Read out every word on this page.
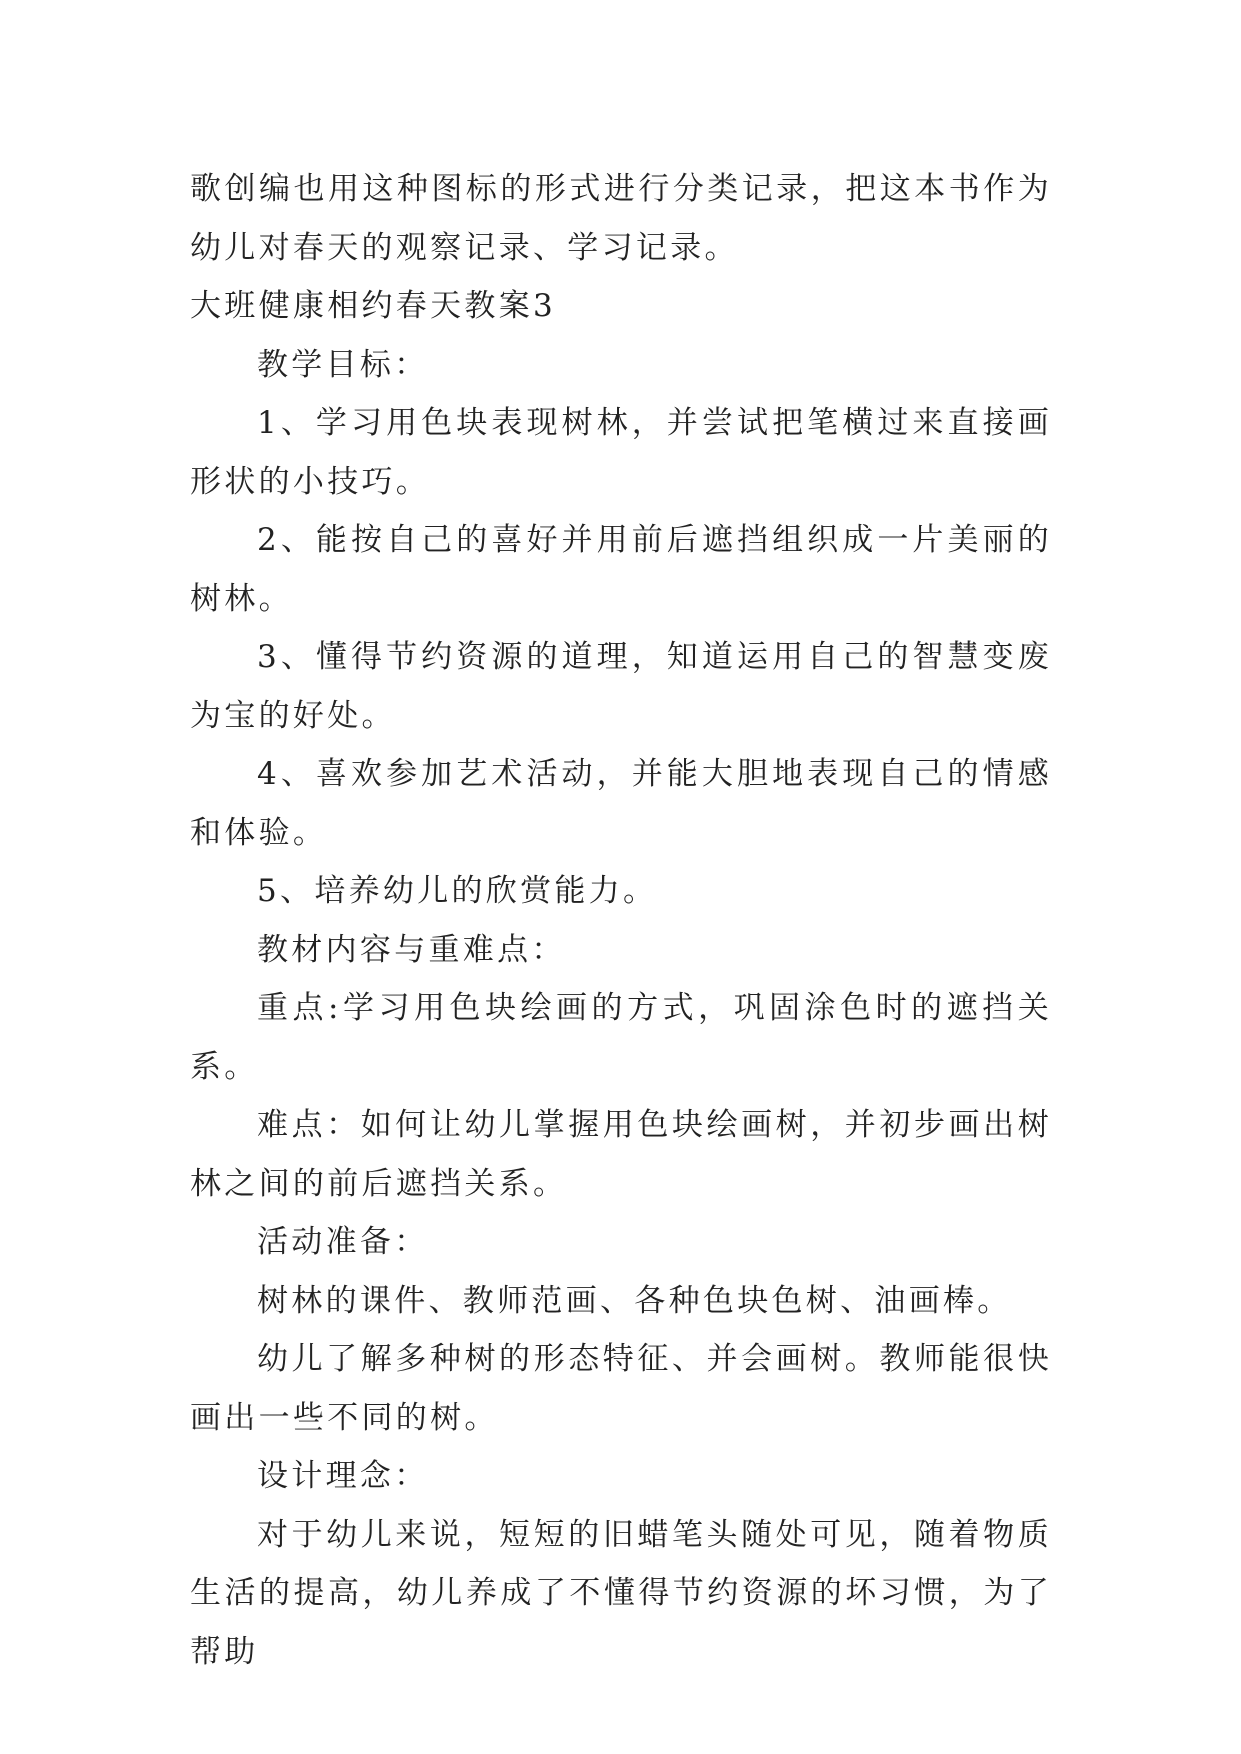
歌创编也用这种图标的形式进行分类记录，把这本书作为幼儿对春天的观察记录、学习记录。

大班健康相约春天教案3

教学目标：

1、学习用色块表现树林，并尝试把笔横过来直接画形状的小技巧。

2、能按自己的喜好并用前后遮挡组织成一片美丽的树林。

3、懂得节约资源的道理，知道运用自己的智慧变废为宝的好处。

4、喜欢参加艺术活动，并能大胆地表现自己的情感和体验。

5、培养幼儿的欣赏能力。

教材内容与重难点：

重点:学习用色块绘画的方式，巩固涂色时的遮挡关系。

难点：如何让幼儿掌握用色块绘画树，并初步画出树林之间的前后遮挡关系。

活动准备：

树林的课件、教师范画、各种色块色树、油画棒。

幼儿了解多种树的形态特征、并会画树。教师能很快画出一些不同的树。

设计理念：

对于幼儿来说，短短的旧蜡笔头随处可见，随着物质生活的提高，幼儿养成了不懂得节约资源的坏习惯，为了帮助
